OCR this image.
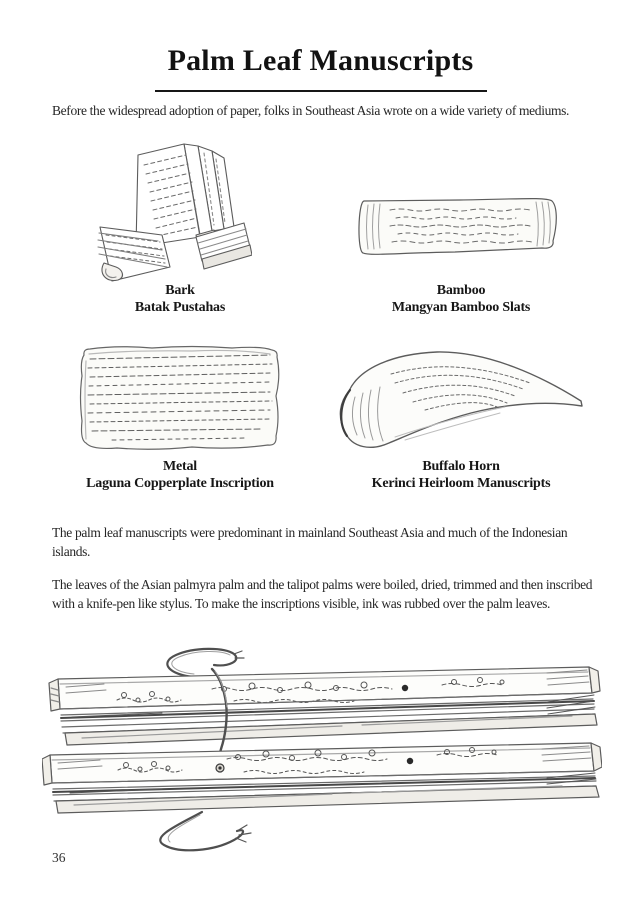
Palm Leaf Manuscripts

Before the widespread adoption of paper, folks in Southeast Asia wrote on a wide variety of mediums.

Bark
Batak Pustahas
Bamboo
Mangyan Bamboo Slats
Metal
Laguna Copperplate Inscription
Buffalo Horn
Kerinci Heirloom Manuscripts

The palm leaf manuscripts were predominant in mainland Southeast Asia and much of the Indonesian islands.

The leaves of the Asian palmyra palm and the talipot palms were boiled, dried, trimmed and then inscribed with a knife-pen like stylus. To make the inscriptions visible, ink was rubbed over the palm leaves.

36
